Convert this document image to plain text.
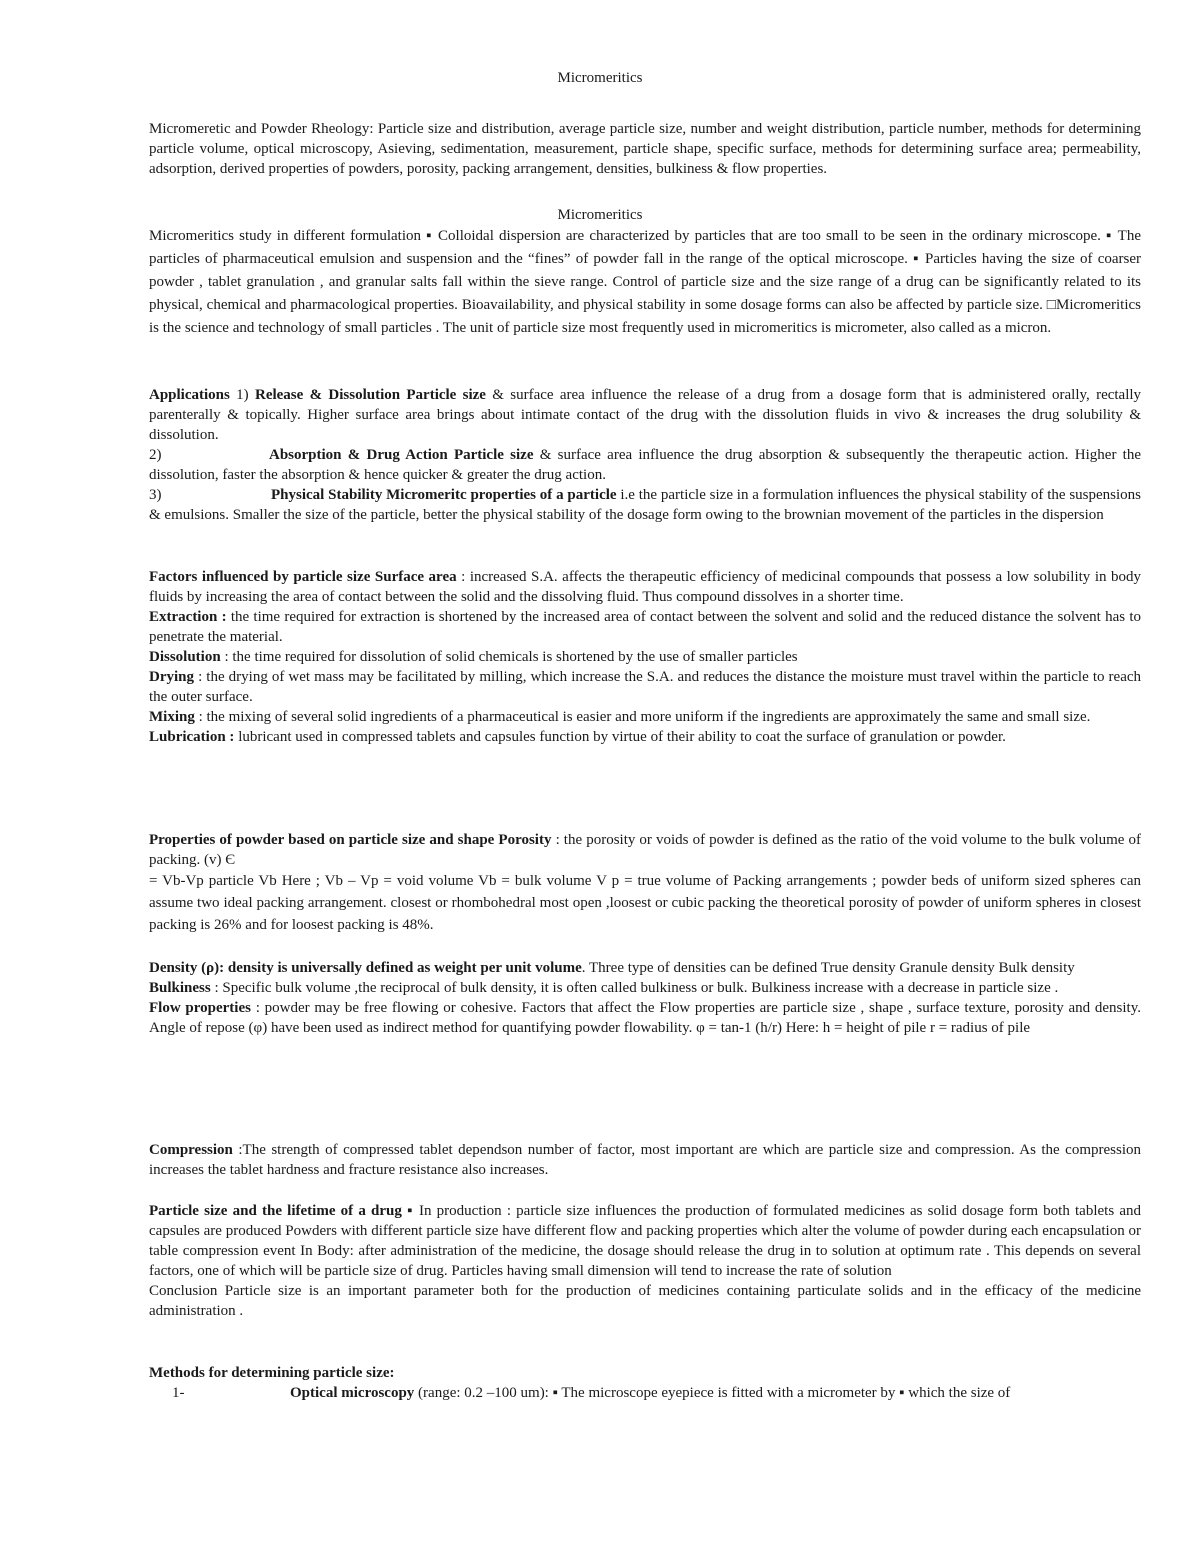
Micromeritics

Micromeretic and Powder Rheology: Particle size and distribution, average particle size, number and weight distribution, particle number, methods for determining particle volume, optical microscopy, Asieving, sedimentation, measurement, particle shape, specific surface, methods for determining surface area; permeability, adsorption, derived properties of powders, porosity, packing arrangement, densities, bulkiness & flow properties.

Micromeritics

Micromeritics study in different formulation ▪ Colloidal dispersion are characterized by particles that are too small to be seen in the ordinary microscope. ▪ The particles of pharmaceutical emulsion and suspension and the “fines” of powder fall in the range of the optical microscope. ▪ Particles having the size of coarser powder , tablet granulation , and granular salts fall within the sieve range. Control of particle size and the size range of a drug can be significantly related to its physical, chemical and pharmacological properties. Bioavailability, and physical stability in some dosage forms can also be affected by particle size. □Micromeritics is the science and technology of small particles . The unit of particle size most frequently used in micromeritics is micrometer, also called as a micron.

Applications 1) Release & Dissolution Particle size & surface area influence the release of a drug from a dosage form that is administered orally, rectally parenterally & topically. Higher surface area brings about intimate contact of the drug with the dissolution fluids in vivo & increases the drug solubility & dissolution.

2)	Absorption & Drug Action Particle size & surface area influence the drug absorption & subsequently the therapeutic action. Higher the dissolution, faster the absorption & hence quicker & greater the drug action.

3)	Physical Stability Micromeritc properties of a particle i.e the particle size in a formulation influences the physical stability of the suspensions & emulsions. Smaller the size of the particle, better the physical stability of the dosage form owing to the brownian movement of the particles in the dispersion

Factors influenced by particle size Surface area : increased S.A. affects the therapeutic efficiency of medicinal compounds that possess a low solubility in body fluids by increasing the area of contact between the solid and the dissolving fluid. Thus compound dissolves in a shorter time.

Extraction : the time required for extraction is shortened by the increased area of contact between the solvent and solid and the reduced distance the solvent has to penetrate the material.

Dissolution : the time required for dissolution of solid chemicals is shortened by the use of smaller particles

Drying : the drying of wet mass may be facilitated by milling, which increase the S.A. and reduces the distance the moisture must travel within the particle to reach the outer surface.

Mixing : the mixing of several solid ingredients of a pharmaceutical is easier and more uniform if the ingredients are approximately the same and small size.

Lubrication : lubricant used in compressed tablets and capsules function by virtue of their ability to coat the surface of granulation or powder.

Properties of powder based on particle size and shape Porosity : the porosity or voids of powder is defined as the ratio of the void volume to the bulk volume of packing. (v) Є

= Vb-Vp particle Vb Here ; Vb – Vp = void volume Vb = bulk volume V p = true volume of Packing arrangements ; powder beds of uniform sized spheres can assume two ideal packing arrangement. closest or rhombohedral most open ,loosest or cubic packing the theoretical porosity of powder of uniform spheres in closest packing is 26% and for loosest packing is 48%.

Density (ρ): density is universally defined as weight per unit volume. Three type of densities can be defined True density Granule density Bulk density

Bulkiness : Specific bulk volume ,the reciprocal of bulk density, it is often called bulkiness or bulk. Bulkiness increase with a decrease in particle size .

Flow properties : powder may be free flowing or cohesive. Factors that affect the Flow properties are particle size , shape , surface texture, porosity and density. Angle of repose (φ) have been used as indirect method for quantifying powder flowability. φ = tan-1 (h/r) Here: h = height of pile r = radius of pile

Compression :The strength of compressed tablet dependson number of factor, most important are which are particle size and compression. As the compression increases the tablet hardness and fracture resistance also increases.

Particle size and the lifetime of a drug ▪ In production : particle size influences the production of formulated medicines as solid dosage form both tablets and capsules are produced Powders with different particle size have different flow and packing properties which alter the volume of powder during each encapsulation or table compression event In Body: after administration of the medicine, the dosage should release the drug in to solution at optimum rate . This depends on several factors, one of which will be particle size of drug. Particles having small dimension will tend to increase the rate of solution

Conclusion Particle size is an important parameter both for the production of medicines containing particulate solids and in the efficacy of the medicine administration .

Methods for determining particle size:
1-	Optical microscopy (range: 0.2 –100 um): ▪ The microscope eyepiece is fitted with a micrometer by ▪ which the size of
